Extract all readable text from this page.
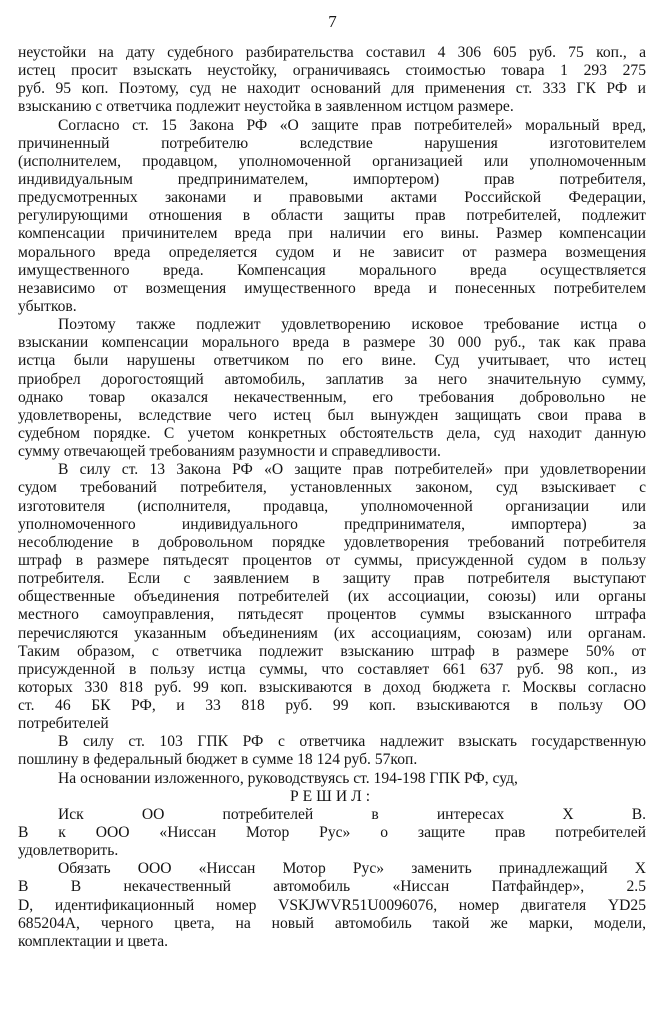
7
неустойки на дату судебного разбирательства составил 4 306 605 руб. 75 коп., а
истец просит взыскать неустойку, ограничиваясь стоимостью товара 1 293 275
руб. 95 коп. Поэтому, суд не находит оснований для применения ст. 333 ГК РФ и
взысканию с ответчика подлежит неустойка в заявленном истцом размере.
Согласно ст. 15 Закона РФ «О защите прав потребителей» моральный вред,
причиненный потребителю вследствие нарушения изготовителем
(исполнителем, продавцом, уполномоченной организацией или уполномоченным
индивидуальным предпринимателем, импортером) прав потребителя,
предусмотренных законами и правовыми актами Российской Федерации,
регулирующими отношения в области защиты прав потребителей, подлежит
компенсации причинителем вреда при наличии его вины. Размер компенсации
морального вреда определяется судом и не зависит от размера возмещения
имущественного вреда. Компенсация морального вреда осуществляется
независимо от возмещения имущественного вреда и понесенных потребителем
убытков.
Поэтому также подлежит удовлетворению исковое требование истца о
взыскании компенсации морального вреда в размере 30 000 руб., так как права
истца были нарушены ответчиком по его вине. Суд учитывает, что истец
приобрел дорогостоящий автомобиль, заплатив за него значительную сумму,
однако товар оказался некачественным, его требования добровольно не
удовлетворены, вследствие чего истец был вынужден защищать свои права в
судебном порядке. С учетом конкретных обстоятельств дела, суд находит данную
сумму отвечающей требованиям разумности и справедливости.
В силу ст. 13 Закона РФ «О защите прав потребителей» при удовлетворении
судом требований потребителя, установленных законом, суд взыскивает с
изготовителя (исполнителя, продавца, уполномоченной организации или
уполномоченного индивидуального предпринимателя, импортера) за
несоблюдение в добровольном порядке удовлетворения требований потребителя
штраф в размере пятьдесят процентов от суммы, присужденной судом в пользу
потребителя. Если с заявлением в защиту прав потребителя выступают
общественные объединения потребителей (их ассоциации, союзы) или органы
местного самоуправления, пятьдесят процентов суммы взысканного штрафа
перечисляются указанным объединениям (их ассоциациям, союзам) или органам.
Таким образом, с ответчика подлежит взысканию штраф в размере 50% от
присужденной в пользу истца суммы, что составляет 661 637 руб. 98 коп., из
которых 330 818 руб. 99 коп. взыскиваются в доход бюджета г. Москвы согласно
ст. 46 БК РФ, и 33 818 руб. 99 коп. взыскиваются в пользу ОО
потребителей
В силу ст. 103 ГПК РФ с ответчика надлежит взыскать государственную
пошлину в федеральный бюджет в сумме 18 124 руб. 57коп.
На основании изложенного, руководствуясь ст. 194-198 ГПК РФ, суд,
РЕШИЛ:
Иск ОО потребителей в интересах Х В.
В к ООО «Ниссан Мотор Рус» о защите прав потребителей
удовлетворить.
Обязать ООО «Ниссан Мотор Рус» заменить принадлежащий Х
В В некачественный автомобиль «Ниссан Патфайндер», 2.5
D, идентификационный номер VSKJWVR51U0096076, номер двигателя YD25
685204А, черного цвета, на новый автомобиль такой же марки, модели,
комплектации и цвета.
